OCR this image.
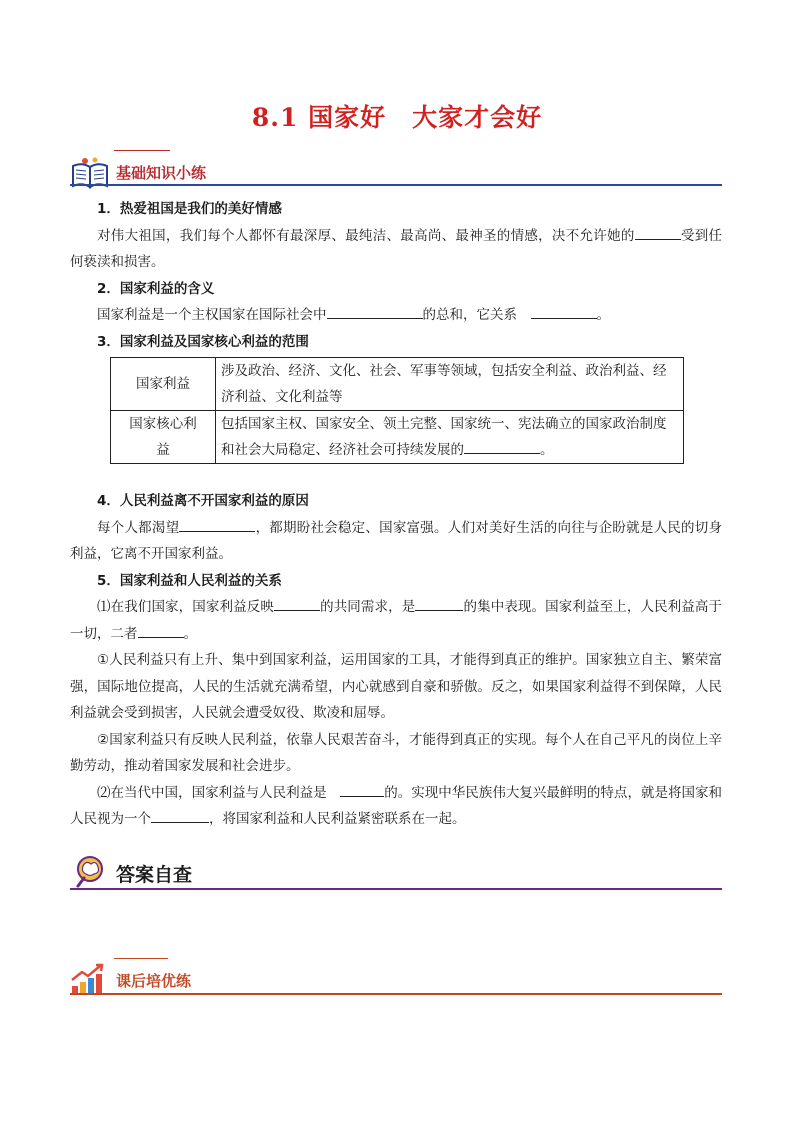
8.1 国家好　大家才会好
基础知识小练

1．热爱祖国是我们的美好情感

对伟大祖国，我们每个人都怀有最深厚、最纯洁、最高尚、最神圣的情感，决不允许她的	受到任何亵渎和损害。

2．国家利益的含义

国家利益是一个主权国家在国际社会中	的总和，它关系　	。

3．国家利益及国家核心利益的范围

国家利益	涉及政治、经济、文化、社会、军事等领域，包括安全利益、政治利益、经济利益、文化利益等
国家核心利益	包括国家主权、国家安全、领土完整、国家统一、宪法确立的国家政治制度和社会大局稳定、经济社会可持续发展的 。

4．人民利益离不开国家利益的原因

每个人都渴望	，都期盼社会稳定、国家富强。人们对美好生活的向往与企盼就是人民的切身利益，它离不开国家利益。

5．国家利益和人民利益的关系

⑴在我们国家，国家利益反映	的共同需求，是	的集中表现。国家利益至上，人民利益高于一切，二者	。

①人民利益只有上升、集中到国家利益，运用国家的工具，才能得到真正的维护。国家独立自主、繁荣富强，国际地位提高，人民的生活就充满希望，内心就感到自豪和骄傲。反之，如果国家利益得不到保障，人民利益就会受到损害，人民就会遭受奴役、欺凌和屈辱。

②国家利益只有反映人民利益，依靠人民艰苦奋斗，才能得到真正的实现。每个人在自己平凡的岗位上辛勤劳动，推动着国家发展和社会进步。

⑵在当代中国，国家利益与人民利益是　	的。实现中华民族伟大复兴最鲜明的特点，就是将国家和人民视为一个	，将国家利益和人民利益紧密联系在一起。

答案自查
课后培优练
